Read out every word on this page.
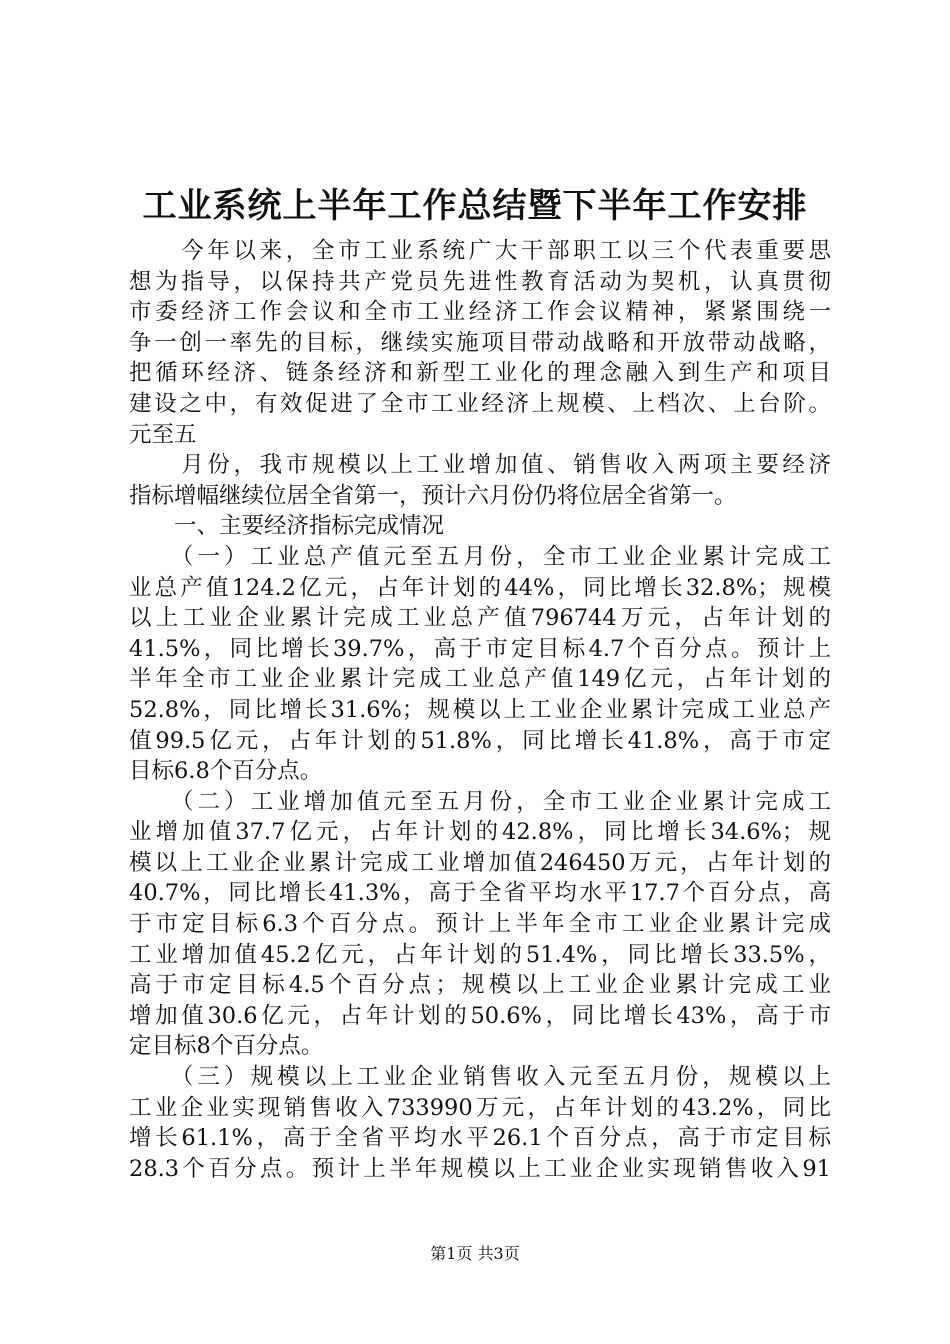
工业系统上半年工作总结暨下半年工作安排
　　今年以来，全市工业系统广大干部职工以三个代表重要思
想为指导，以保持共产党员先进性教育活动为契机，认真贯彻
市委经济工作会议和全市工业经济工作会议精神，紧紧围绕一
争一创一率先的目标，继续实施项目带动战略和开放带动战略，
把循环经济、链条经济和新型工业化的理念融入到生产和项目
建设之中，有效促进了全市工业经济上规模、上档次、上台阶。
元至五
　　月份，我市规模以上工业增加值、销售收入两项主要经济
指标增幅继续位居全省第一，预计六月份仍将位居全省第一。
　　一、主要经济指标完成情况
　　（一）工业总产值元至五月份，全市工业企业累计完成工
业总产值124.2亿元，占年计划的44%，同比增长32.8%；规模
以上工业企业累计完成工业总产值796744万元，占年计划的
41.5%，同比增长39.7%，高于市定目标4.7个百分点。预计上
半年全市工业企业累计完成工业总产值149亿元，占年计划的
52.8%，同比增长31.6%；规模以上工业企业累计完成工业总产
值99.5亿元，占年计划的51.8%，同比增长41.8%，高于市定
目标6.8个百分点。
　　（二）工业增加值元至五月份，全市工业企业累计完成工
业增加值37.7亿元，占年计划的42.8%，同比增长34.6%；规
模以上工业企业累计完成工业增加值246450万元，占年计划的
40.7%，同比增长41.3%，高于全省平均水平17.7个百分点，高
于市定目标6.3个百分点。预计上半年全市工业企业累计完成
工业增加值45.2亿元，占年计划的51.4%，同比增长33.5%，
高于市定目标4.5个百分点；规模以上工业企业累计完成工业
增加值30.6亿元，占年计划的50.6%，同比增长43%，高于市
定目标8个百分点。
　　（三）规模以上工业企业销售收入元至五月份，规模以上
工业企业实现销售收入733990万元，占年计划的43.2%，同比
增长61.1%，高于全省平均水平26.1个百分点，高于市定目标
28.3个百分点。预计上半年规模以上工业企业实现销售收入91
第1页 共3页
